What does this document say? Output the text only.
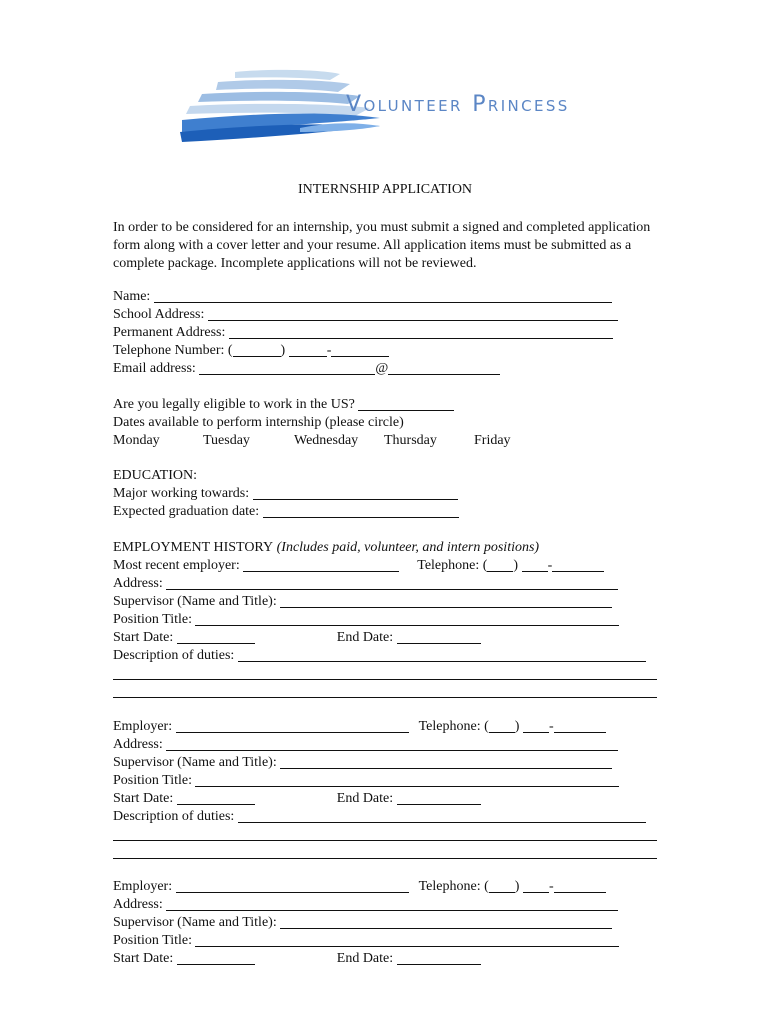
Volunteer Princess
INTERNSHIP APPLICATION
In order to be considered for an internship, you must submit a signed and completed application form along with a cover letter and your resume. All application items must be submitted as a complete package. Incomplete applications will not be reviewed.
Name:

School Address:

Permanent Address:

Telephone Number: (	)	-
Email address:
	@
Are you legally eligible to work in the US?

Dates available to perform internship (please circle)
Monday	Tuesday	Wednesday	Thursday	Friday
EDUCATION:
Major working towards:

Expected graduation date:

EMPLOYMENT HISTORY
(Includes paid, volunteer, and intern positions)
Most recent employer:
	Telephone: ( )
-
Address:

Supervisor (Name and Title):

Position Title:

Start Date:
	End Date:

Description of duties:

Employer:
	Telephone: ( )
-
Address:

Supervisor (Name and Title):

Position Title:

Start Date:
	End Date:

Description of duties:

Employer:
	Telephone: ( )
-
Address:

Supervisor (Name and Title):

Position Title:

Start Date:
	End Date:
